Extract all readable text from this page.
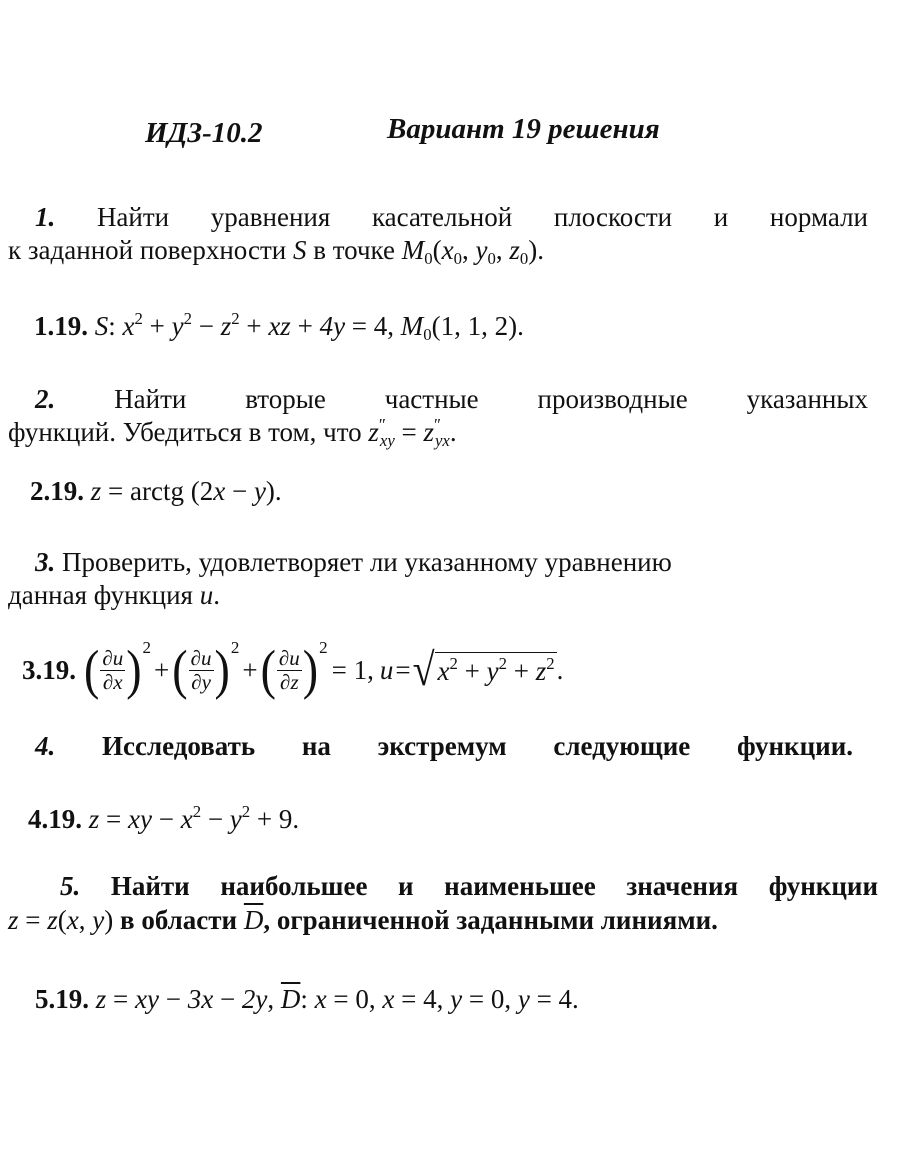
ИДЗ-10.2	Вариант 19 решения
1. Найти уравнения касательной плоскости и нормали
к заданной поверхности S в точке $M_0(x_0$, $y_0$, $z_0$).
1.19. S: $x^2 + y^2 - z^2$ + xz + 4y = 4, $M_0(1$, 1, 2).
2. Найти вторые частные производные указанных
функций. Убедиться в том, что $z''_{xy} = z''_{yx}$.
2.19. z = arctg (2x − y).
3. Проверить, удовлетворяет ли указанному уравнению
данная функция u.
3.19. ( $\frac{\partial u}{\partial x}$ ) 2
+ ( $\frac{\partial u}{\partial y}$ ) 2
+ ( $\frac{\partial u}{\partial z}$ ) 2
= 1, u = √ $x^2 + y^2 + z^2$ .
4. Исследовать на экстремум следующие функции.
4.19. z = xy − $x^2 - y^2 + 9$.
5. Найти наибольшее и наименьшее значения функции
z = z(x, y) в области $\overline{D}$, ограниченной заданными линиями.
5.19. z = xy − 3x − 2y, $\overline{D}$: x = 0, x = 4, y = 0, y = 4.
